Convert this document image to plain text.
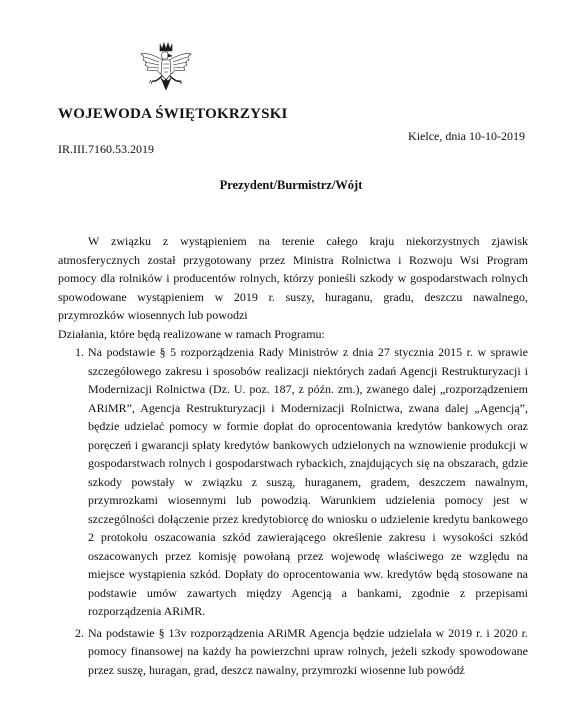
WOJEWODA ŚWIĘTOKRZYSKI
Kielce, dnia 10-10-2019
IR.III.7160.53.2019
Prezydent/Burmistrz/Wójt

W związku z wystąpieniem na terenie całego kraju niekorzystnych zjawisk atmosferycznych został przygotowany przez Ministra Rolnictwa i Rozwoju Wsi Program pomocy dla rolników i producentów rolnych, którzy ponieśli szkody w gospodarstwach rolnych spowodowane wystąpieniem w 2019 r. suszy, huraganu, gradu, deszczu nawalnego, przymrozków wiosennych lub powodzi

Działania, które będą realizowane w ramach Programu:

1. Na podstawie § 5 rozporządzenia Rady Ministrów z dnia 27 stycznia 2015 r. w sprawie szczegółowego zakresu i sposobów realizacji niektórych zadań Agencji Restrukturyzacji i Modernizacji Rolnictwa (Dz. U. poz. 187, z późn. zm.), zwanego dalej „rozporządzeniem ARiMR”, Agencja Restrukturyzacji i Modernizacji Rolnictwa, zwana dalej „Agencją”, będzie udzielać pomocy w formie dopłat do oprocentowania kredytów bankowych oraz poręczeń i gwarancji spłaty kredytów bankowych udzielonych na wznowienie produkcji w gospodarstwach rolnych i gospodarstwach rybackich, znajdujących się na obszarach, gdzie szkody powstały w związku z suszą, huraganem, gradem, deszczem nawalnym, przymrozkami wiosennymi lub powodzią. Warunkiem udzielenia pomocy jest w szczególności dołączenie przez kredytobiorcę do wniosku o udzielenie kredytu bankowego 2 protokołu oszacowania szkód zawierającego określenie zakresu i wysokości szkód oszacowanych przez komisję powołaną przez wojewodę właściwego ze względu na miejsce wystąpienia szkód. Dopłaty do oprocentowania ww. kredytów będą stosowane na podstawie umów zawartych między Agencją a bankami, zgodnie z przepisami rozporządzenia ARiMR.
2. Na podstawie § 13v rozporządzenia ARiMR Agencja będzie udzielała w 2019 r. i 2020 r. pomocy finansowej na każdy ha powierzchni upraw rolnych, jeżeli szkody spowodowane przez suszę, huragan, grad, deszcz nawalny, przymrozki wiosenne lub powódź
